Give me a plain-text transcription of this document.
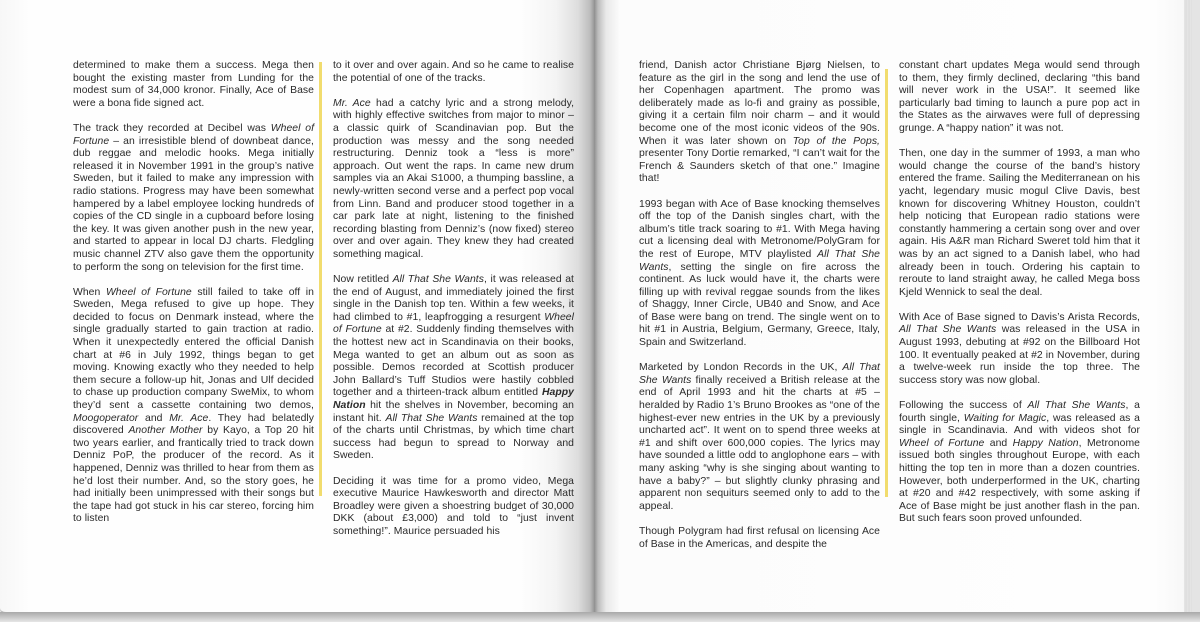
determined to make them a success. Mega then bought the existing master from Lunding for the modest sum of 34,000 kronor. Finally, Ace of Base were a bona fide signed act.

The track they recorded at Decibel was Wheel of Fortune – an irresistible blend of downbeat dance, dub reggae and melodic hooks. Mega initially released it in November 1991 in the group’s native Sweden, but it failed to make any impression with radio stations. Progress may have been somewhat hampered by a label employee locking hundreds of copies of the CD single in a cupboard before losing the key. It was given another push in the new year, and started to appear in local DJ charts. Fledgling music channel ZTV also gave them the opportunity to perform the song on television for the first time.

When Wheel of Fortune still failed to take off in Sweden, Mega refused to give up hope. They decided to focus on Denmark instead, where the single gradually started to gain traction at radio. When it unexpectedly entered the official Danish chart at #6 in July 1992, things began to get moving. Knowing exactly who they needed to help them secure a follow-up hit, Jonas and Ulf decided to chase up production company SweMix, to whom they’d sent a cassette containing two demos, Moogoperator and Mr. Ace. They had belatedly discovered Another Mother by Kayo, a Top 20 hit two years earlier, and frantically tried to track down Denniz PoP, the producer of the record. As it happened, Denniz was thrilled to hear from them as he’d lost their number. And, so the story goes, he had initially been unimpressed with their songs but the tape had got stuck in his car stereo, forcing him to listen

to it over and over again. And so he came to realise the potential of one of the tracks.

Mr. Ace had a catchy lyric and a strong melody, with highly effective switches from major to minor – a classic quirk of Scandinavian pop. But the production was messy and the song needed restructuring. Denniz took a “less is more” approach. Out went the raps. In came new drum samples via an Akai S1000, a thumping bassline, a newly-written second verse and a perfect pop vocal from Linn. Band and producer stood together in a car park late at night, listening to the finished recording blasting from Denniz’s (now fixed) stereo over and over again. They knew they had created something magical.

Now retitled All That She Wants, it was released at the end of August, and immediately joined the first single in the Danish top ten. Within a few weeks, it had climbed to #1, leapfrogging a resurgent Wheel of Fortune at #2. Suddenly finding themselves with the hottest new act in Scandinavia on their books, Mega wanted to get an album out as soon as possible. Demos recorded at Scottish producer John Ballard’s Tuff Studios were hastily cobbled together and a thirteen-track album entitled Happy Nation hit the shelves in November, becoming an instant hit. All That She Wants remained at the top of the charts until Christmas, by which time chart success had begun to spread to Norway and Sweden.

Deciding it was time for a promo video, Mega executive Maurice Hawkesworth and director Matt Broadley were given a shoestring budget of 30,000 DKK (about £3,000) and told to “just invent something!”. Maurice persuaded his

friend, Danish actor Christiane Bjørg Nielsen, to feature as the girl in the song and lend the use of her Copenhagen apartment. The promo was deliberately made as lo-fi and grainy as possible, giving it a certain film noir charm – and it would become one of the most iconic videos of the 90s. When it was later shown on Top of the Pops, presenter Tony Dortie remarked, “I can’t wait for the French & Saunders sketch of that one.” Imagine that!

1993 began with Ace of Base knocking themselves off the top of the Danish singles chart, with the album’s title track soaring to #1. With Mega having cut a licensing deal with Metronome/PolyGram for the rest of Europe, MTV playlisted All That She Wants, setting the single on fire across the continent. As luck would have it, the charts were filling up with revival reggae sounds from the likes of Shaggy, Inner Circle, UB40 and Snow, and Ace of Base were bang on trend. The single went on to hit #1 in Austria, Belgium, Germany, Greece, Italy, Spain and Switzerland.

Marketed by London Records in the UK, All That She Wants finally received a British release at the end of April 1993 and hit the charts at #5 – heralded by Radio 1’s Bruno Brookes as “one of the highest-ever new entries in the UK by a previously uncharted act”. It went on to spend three weeks at #1 and shift over 600,000 copies. The lyrics may have sounded a little odd to anglophone ears – with many asking “why is she singing about wanting to have a baby?” – but slightly clunky phrasing and apparent non sequiturs seemed only to add to the appeal.

Though Polygram had first refusal on licensing Ace of Base in the Americas, and despite the

constant chart updates Mega would send through to them, they firmly declined, declaring “this band will never work in the USA!”. It seemed like particularly bad timing to launch a pure pop act in the States as the airwaves were full of depressing grunge. A “happy nation” it was not.

Then, one day in the summer of 1993, a man who would change the course of the band’s history entered the frame. Sailing the Mediterranean on his yacht, legendary music mogul Clive Davis, best known for discovering Whitney Houston, couldn’t help noticing that European radio stations were constantly hammering a certain song over and over again. His A&R man Richard Sweret told him that it was by an act signed to a Danish label, who had already been in touch. Ordering his captain to reroute to land straight away, he called Mega boss Kjeld Wennick to seal the deal.

With Ace of Base signed to Davis’s Arista Records, All That She Wants was released in the USA in August 1993, debuting at #92 on the Billboard Hot 100. It eventually peaked at #2 in November, during a twelve-week run inside the top three. The success story was now global.

Following the success of All That She Wants, a fourth single, Waiting for Magic, was released as a single in Scandinavia. And with videos shot for Wheel of Fortune and Happy Nation, Metronome issued both singles throughout Europe, with each hitting the top ten in more than a dozen countries. However, both underperformed in the UK, charting at #20 and #42 respectively, with some asking if Ace of Base might be just another flash in the pan. But such fears soon proved unfounded.
